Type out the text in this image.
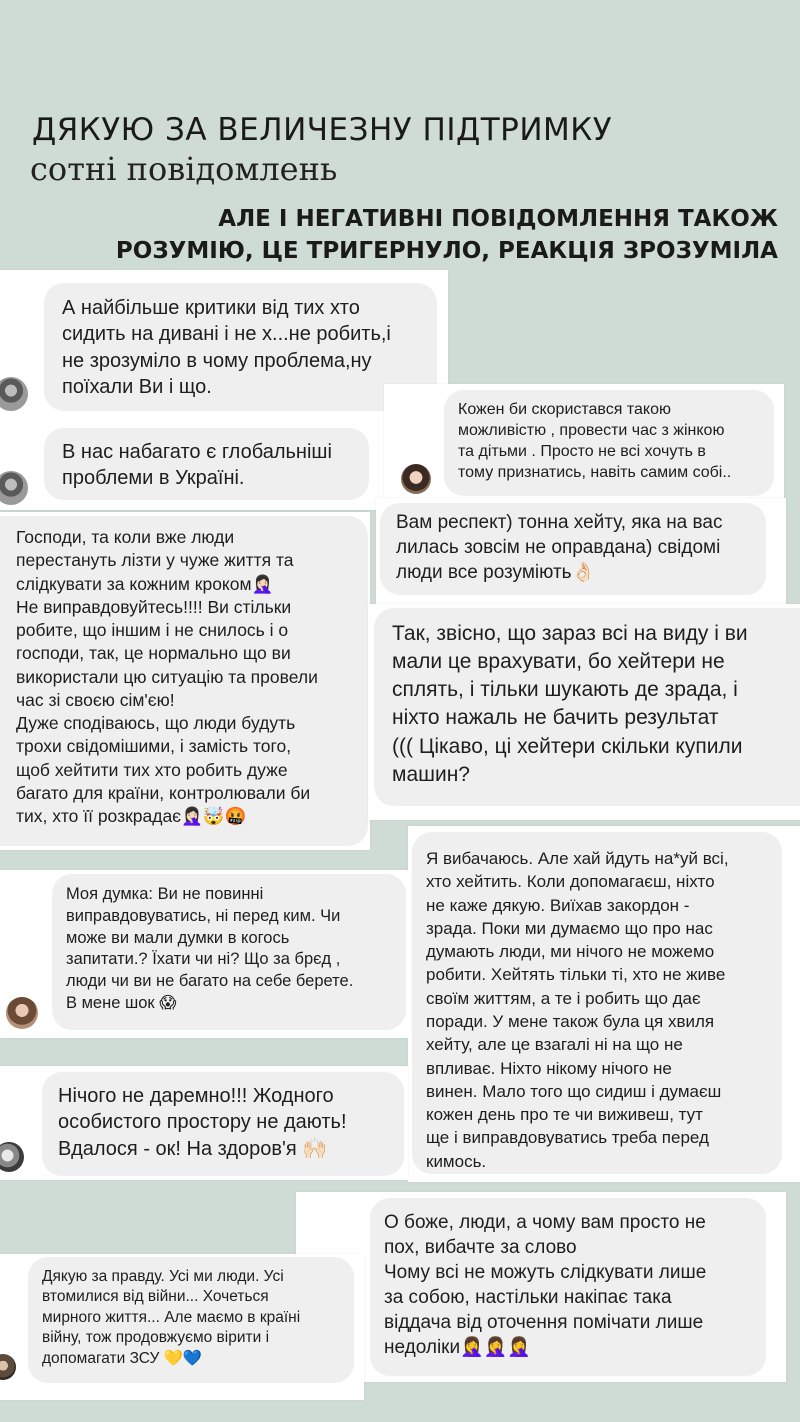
ДЯКУЮ ЗА ВЕЛИЧЕЗНУ ПІДТРИМКУ
сотні повідомлень
АЛЕ І НЕГАТИВНІ ПОВІДОМЛЕННЯ ТАКОЖ
РОЗУМІЮ, ЦЕ ТРИГЕРНУЛО, РЕАКЦІЯ ЗРОЗУМІЛА

А найбільше критики від тих хто

сидить на дивані і не х...не робить,і

не зрозуміло в чому проблема,ну

поїхали Ви і що.

В нас набагато є глобальніші

проблеми в Україні.

Кожен би скористався такою

можливістю , провести час з жінкою

та дітьми . Просто не всі хочуть в

тому признатись, навіть самим собі..

Вам респект) тонна хейту, яка на вас

лилась зовсім не оправдана) свідомі

люди все розуміють👌🏻

Господи, та коли вже люди

перестануть лізти у чуже життя та

слідкувати за кожним кроком🤦🏻‍♀️

Не виправдовуйтесь!!!! Ви стільки

робите, що іншим і не снилось і о

господи, так, це нормально що ви

використали цю ситуацію та провели

час зі своєю сім'єю!

Дуже сподіваюсь, що люди будуть

трохи свідомішими, і замість того,

щоб хейтити тих хто робить дуже

багато для країни, контролювали би

тих, хто її розкрадає🤦🏻‍♀️🤯🤬

Так, звісно, що зараз всі на виду і ви

мали це врахувати, бо хейтери не

сплять, і тільки шукають де зрада, і

ніхто нажаль не бачить результат

((( Цікаво, ці хейтери скільки купили

машин?

Я вибачаюсь. Але хай йдуть на*уй всі,

хто хейтить. Коли допомагаєш, ніхто

не каже дякую. Виїхав закордон -

зрада. Поки ми думаємо що про нас

думають люди, ми нічого не можемо

робити. Хейтять тільки ті, хто не живе

своїм життям, а те і робить що дає

поради. У мене також була ця хвиля

хейту, але це взагалі ні на що не

впливає. Ніхто нікому нічого не

винен. Мало того що сидиш і думаєш

кожен день про те чи виживеш, тут

ще і виправдовуватись треба перед

кимось.

Моя думка: Ви не повинні

виправдовуватись, ні перед ким. Чи

може ви мали думки в когось

запитати.? Їхати чи ні? Що за брєд ,

люди чи ви не багато на себе берете.

В мене шок 😱

Нічого не даремно!!! Жодного

особистого простору не дають!

Вдалося - ок! На здоров'я 🙌🏻

О боже, люди, а чому вам просто не

пох, вибачте за слово

Чому всі не можуть слідкувати лише

за собою, настільки накіпає така

віддача від оточення помічати лише

недоліки🤦‍♀️🤦‍♀️🤦‍♀️

Дякую за правду. Усі ми люди. Усі

втомилися від війни... Хочеться

мирного життя... Але маємо в країні

війну, тож продовжуємо вірити і

допомагати ЗСУ 💛💙
